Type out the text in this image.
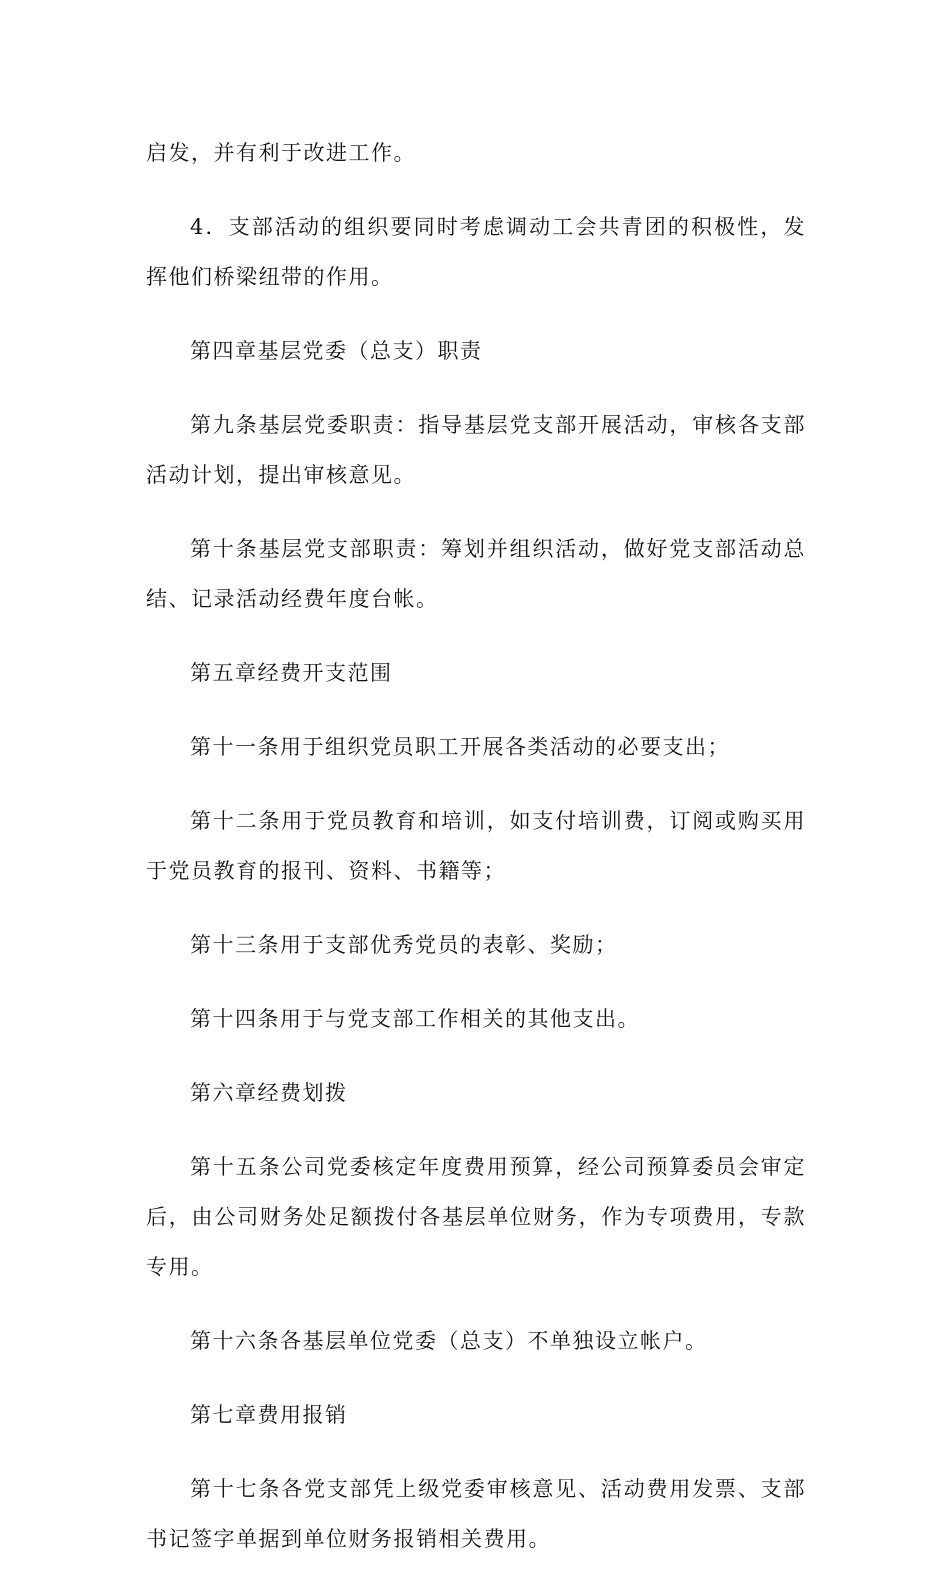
启发，并有利于改进工作。

4．支部活动的组织要同时考虑调动工会共青团的积极性，发挥他们桥梁纽带的作用。

第四章基层党委（总支）职责

第九条基层党委职责：指导基层党支部开展活动，审核各支部活动计划，提出审核意见。

第十条基层党支部职责：筹划并组织活动，做好党支部活动总结、记录活动经费年度台帐。

第五章经费开支范围

第十一条用于组织党员职工开展各类活动的必要支出；

第十二条用于党员教育和培训，如支付培训费，订阅或购买用于党员教育的报刊、资料、书籍等；

第十三条用于支部优秀党员的表彰、奖励；

第十四条用于与党支部工作相关的其他支出。

第六章经费划拨

第十五条公司党委核定年度费用预算，经公司预算委员会审定后，由公司财务处足额拨付各基层单位财务，作为专项费用，专款专用。

第十六条各基层单位党委（总支）不单独设立帐户。

第七章费用报销

第十七条各党支部凭上级党委审核意见、活动费用发票、支部书记签字单据到单位财务报销相关费用。
